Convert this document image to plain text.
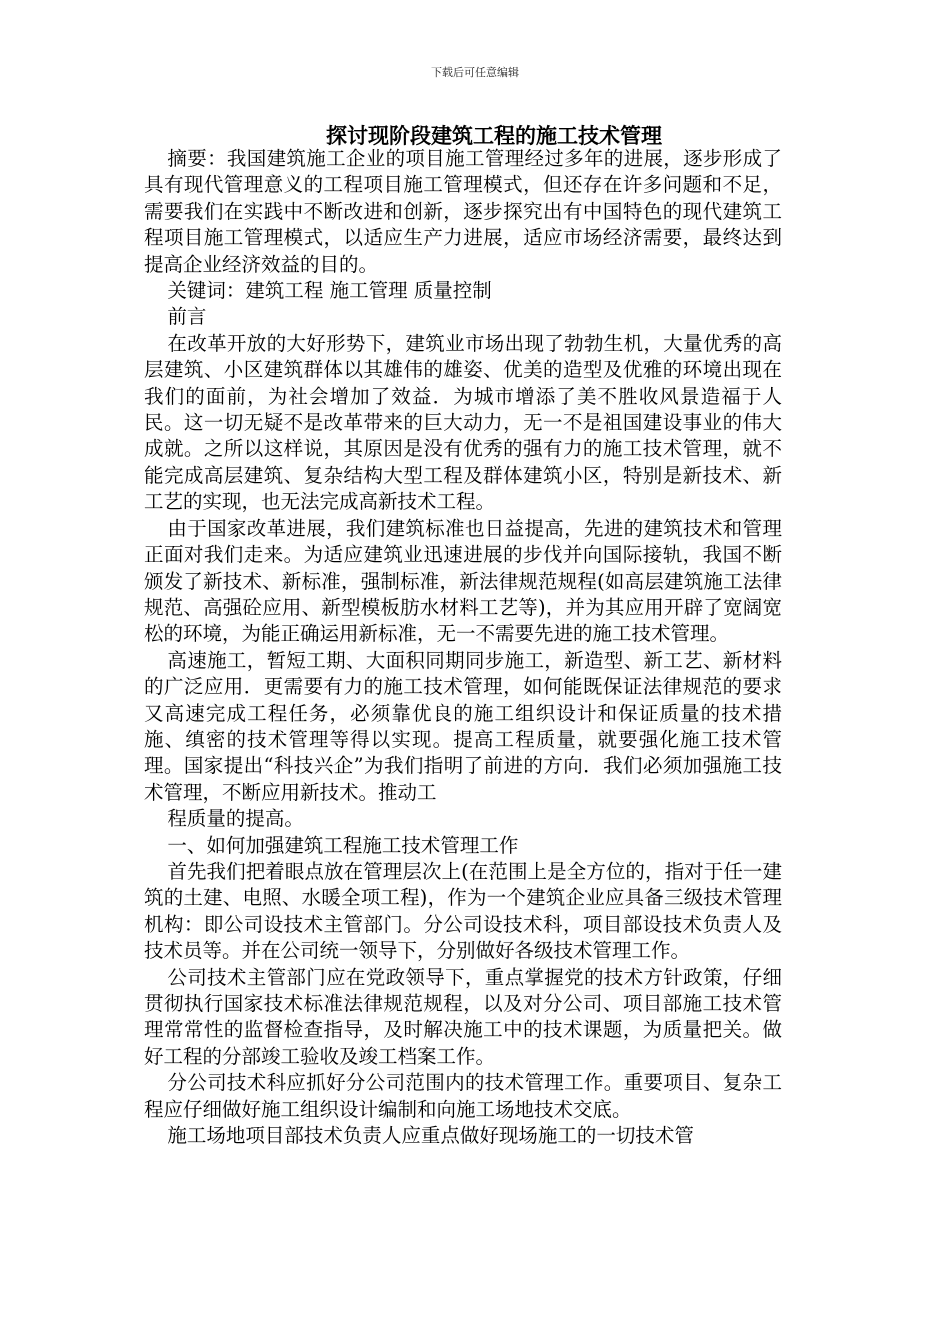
下载后可任意编辑
探讨现阶段建筑工程的施工技术管理

摘要：我国建筑施工企业的项目施工管理经过多年的进展，逐步形成了具有现代管理意义的工程项目施工管理模式，但还存在许多问题和不足，需要我们在实践中不断改进和创新，逐步探究出有中国特色的现代建筑工程项目施工管理模式，以适应生产力进展，适应市场经济需要，最终达到提高企业经济效益的目的。

关键词：建筑工程 施工管理 质量控制

前言

在改革开放的大好形势下，建筑业市场出现了勃勃生机，大量优秀的高层建筑、小区建筑群体以其雄伟的雄姿、优美的造型及优雅的环境出现在我们的面前，为社会增加了效益．为城市增添了美不胜收风景造福于人民。这一切无疑不是改革带来的巨大动力，无一不是祖国建设事业的伟大成就。之所以这样说，其原因是没有优秀的强有力的施工技术管理，就不能完成高层建筑、复杂结构大型工程及群体建筑小区，特别是新技术、新工艺的实现，也无法完成高新技术工程。

由于国家改革进展，我们建筑标准也日益提高，先进的建筑技术和管理正面对我们走来。为适应建筑业迅速进展的步伐并向国际接轨，我国不断颁发了新技术、新标准，强制标准，新法律规范规程(如高层建筑施工法律规范、高强砼应用、新型模板肪水材料工艺等)，并为其应用开辟了宽阔宽松的环境，为能正确运用新标准，无一不需要先进的施工技术管理。

高速施工，暂短工期、大面积同期同步施工，新造型、新工艺、新材料的广泛应用．更需要有力的施工技术管理，如何能既保证法律规范的要求又高速完成工程任务，必须靠优良的施工组织设计和保证质量的技术措施、缜密的技术管理等得以实现。提高工程质量，就要强化施工技术管理。国家提出“科技兴企”为我们指明了前进的方向．我们必须加强施工技术管理，不断应用新技术。推动工

程质量的提高。

一、如何加强建筑工程施工技术管理工作

首先我们把着眼点放在管理层次上(在范围上是全方位的，指对于任一建筑的土建、电照、水暖全项工程)，作为一个建筑企业应具备三级技术管理机构：即公司设技术主管部门。分公司设技术科，项目部设技术负责人及技术员等。并在公司统一领导下，分别做好各级技术管理工作。

公司技术主管部门应在党政领导下，重点掌握党的技术方针政策，仔细贯彻执行国家技术标准法律规范规程，以及对分公司、项目部施工技术管理常常性的监督检查指导，及时解决施工中的技术课题，为质量把关。做好工程的分部竣工验收及竣工档案工作。

分公司技术科应抓好分公司范围内的技术管理工作。重要项目、复杂工程应仔细做好施工组织设计编制和向施工场地技术交底。

施工场地项目部技术负责人应重点做好现场施工的一切技术管
